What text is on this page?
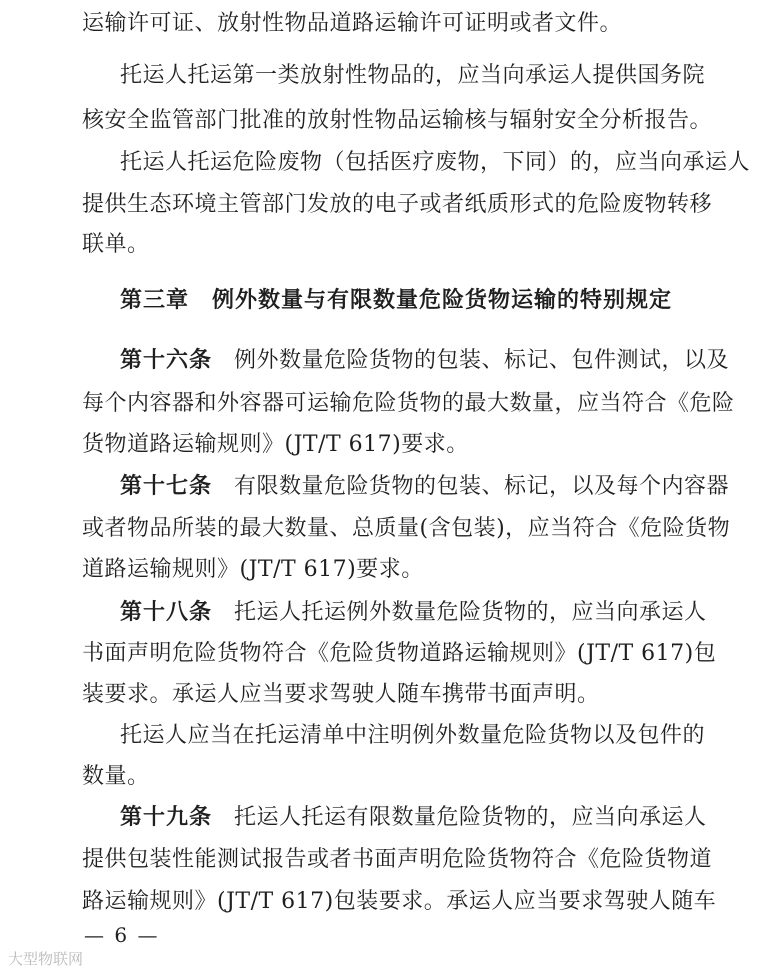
运输许可证、放射性物品道路运输许可证明或者文件。
托运人托运第一类放射性物品的，应当向承运人提供国务院
核安全监管部门批准的放射性物品运输核与辐射安全分析报告。
托运人托运危险废物（包括医疗废物，下同）的，应当向承运人
提供生态环境主管部门发放的电子或者纸质形式的危险废物转移
联单。
第三章　例外数量与有限数量危险货物运输的特别规定
第十六条 例外数量危险货物的包装、标记、包件测试，以及
每个内容器和外容器可运输危险货物的最大数量，应当符合《危险
货物道路运输规则》(JT/T 617)要求。
第十七条 有限数量危险货物的包装、标记，以及每个内容器
或者物品所装的最大数量、总质量(含包装)，应当符合《危险货物
道路运输规则》(JT/T 617)要求。
第十八条 托运人托运例外数量危险货物的，应当向承运人
书面声明危险货物符合《危险货物道路运输规则》(JT/T 617)包
装要求。承运人应当要求驾驶人随车携带书面声明。
托运人应当在托运清单中注明例外数量危险货物以及包件的
数量。
第十九条 托运人托运有限数量危险货物的，应当向承运人
提供包装性能测试报告或者书面声明危险货物符合《危险货物道
路运输规则》(JT/T 617)包装要求。承运人应当要求驾驶人随车
— 6 —
大型物联网
